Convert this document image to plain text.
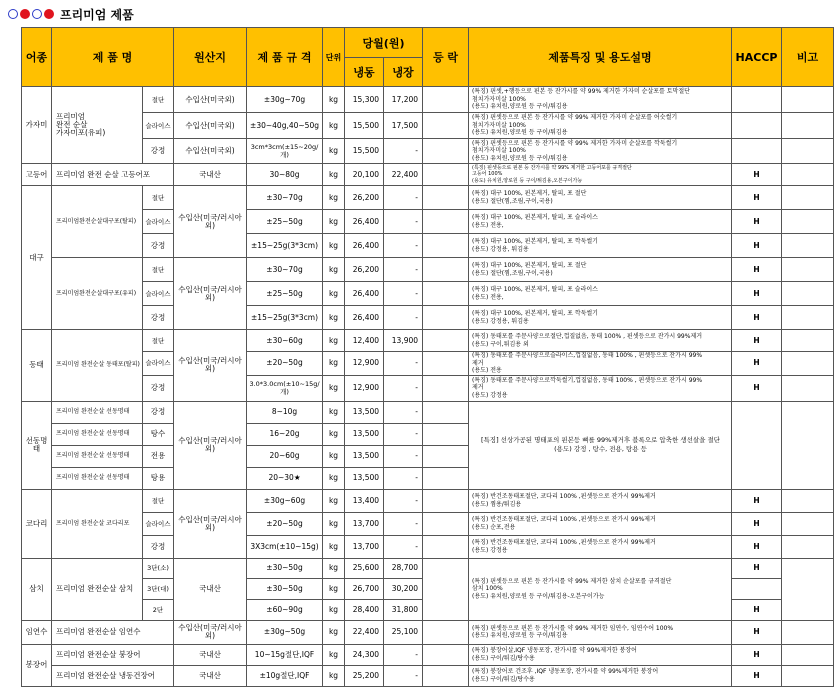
프리미엄 제품
어종	제 품 명		원산지	제 품 규 격	단위	당월(원)		등 락	제품특징 및 용도설명	HACCP	비고
						냉동	냉장				
가자미	프리미엄
완전 순살
가자미포(유피)	절단	수입산(미국외)	±30g~70g	kg	15,300	17,200		(특징) 핀셋,+행등으로 핀본 등 잔가시를 약 99% 제거한 가자미 순살포를 토막절단
첨치가자미살 100%
(용도) 유치원,양로원 등 구이/튀김용		
		슬라이스	수입산(미국외)	±30~40g,40~50g	kg	15,500	17,500		(특징) 핀셋등으로 핀본 등 잔가시를 약 99% 제거한 가자미 순살포를 어슷썰기
첨치가자미살 100%
(용도) 유치원,양로원 등 구이/튀김용		
		강정	수입산(미국외)	3cm*3cm(±15~20g/개)	kg	15,500	-		(특징) 핀셋등으로 핀본 등 잔가시를 약 99% 제거한 가자미 순살포를 깍둑썰기
첨치가자미살 100%
(용도) 유치원,양로원 등 구이/튀김용		
고등어	프리미엄 완전 순살 고등어포		국내산	30~80g	kg	20,100	22,400		(특징) 핀셋등으로 핀본 등 잔가시를 약 99% 제거한 고등어포를 규격절단
고등어 100%
(용도) 유치원,양로원 등 구이/튀김용,오븐구이가능	H	
대구	프리미엄완전순살대구포(탈피)	절단	수입산(미국/러시아외)	±30~70g	kg	26,200	-		(특징) 대구 100%, 핀본제거, 탈피, 포 절단
(용도) 절단(찜,조림,구이,국용)	H	
		슬라이스		±25~50g	kg	26,400	-		(특징) 대구 100%, 핀본제거, 탈피, 포 슬라이스
(용도) 전용,	H	
		강정		±15~25g(3*3cm)	kg	26,400	-		(특징) 대구 100%, 핀본제거, 탈피, 포 깍둑썰기
(용도) 강정용, 튀김용	H	
	프리미엄완전순살대구포(유피)	절단	수입산(미국/러시아외)	±30~70g	kg	26,200	-		(특징) 대구 100%, 핀본제거, 탈피, 포 절단
(용도) 절단(찜,조림,구이,국용)	H	
		슬라이스		±25~50g	kg	26,400	-		(특징) 대구 100%, 핀본제거, 탈피, 포 슬라이스
(용도) 전용,	H	
		강정		±15~25g(3*3cm)	kg	26,400	-		(특징) 대구 100%, 핀본제거, 탈피, 포 깍둑썰기
(용도) 강정용, 튀김용	H	
동태	프리미엄 완전순살 동태포(탈피)	절단	수입산(미국/러시아외)	±30~60g	kg	12,400	13,900		(특징) 동태포를 주문사양으로절단,껍질없음, 동태 100% , 핀셋등으로 잔가시 99%제거
(용도) 구이,튀김용 외	H	
		슬라이스		±20~50g	kg	12,900	-		(특징) 동태포를 주문사양으로슬라이스,껍질없음, 동태 100% , 핀셋등으로 잔가시 99%
제거
(용도) 전용	H	
		강정		3.0*3.0cm(±10~15g/개)	kg	12,900	-		(특징) 동태포를 주문사양으로깍둑썰기,껍질없음, 동태 100% , 핀셋등으로 잔가시 99%
제거
(용도) 강정용	H	
선동명태	프리미엄 완전순살 선동명태	강정	수입산(미국/러시아외)	8~10g	kg	13,500	-		[특징] 선상가공된 명태포의 핀본등 뼈를 99%제거후 블록으로 압축한 생선살을 절단
(용도) 강정 , 탕수, 전용, 탕용 등		
	프리미엄 완전순살 선동명태	탕수		16~20g	kg	13,500	-				
	프리미엄 완전순살 선동명태	전용		20~60g	kg	13,500	-				
	프리미엄 완전순살 선동명태	탕용		20~30★	kg	13,500	-				
코다리	프리미엄 완전순살 코다리포	절단	수입산(미국/러시아외)	±30g~60g	kg	13,400	-		(특징) 반건조동태포절단, 코다리 100% ,핀셋등으로 잔가시 99%제거
(용도) 찜용/튀김용	H	
		슬라이스		±20~50g	kg	13,700	-		(특징) 반건조동태포절단, 코다리 100% ,핀셋등으로 잔가시 99%제거
(용도) 순포,전용	H	
		강정		3X3cm(±10~15g)	kg	13,700	-		(특징) 반건조동태포절단, 코다리 100% ,핀셋등으로 잔가시 99%제거
(용도) 강정용	H	
삼치	프리미엄 완전순살 삼치	3단(소)	국내산	±30~50g	kg	25,600	28,700		(특징) 핀셋등으로 핀본 등 잔가시를 약 99% 제거한 삼치 순살포를 규격절단
삼치 100%
(용도) 유치원,양로원 등 구이/튀김용-오븐구이가능	H	
		3단(대)		±30~50g	kg	26,700	30,200				
		2단		±60~90g	kg	28,400	31,800			H	
임연수	프리미엄 완전순살 임연수		수입산(미국/러시아외)	±30g~50g	kg	22,400	25,100		(특징) 핀셋등으로 핀본 등 잔가시를 약 99% 제거한 임연수, 임연수어 100%
(용도) 유치원,양로원 등 구이/튀김용	H	
봉장어	프리미엄 완전순살 붕장어		국내산	10~15g절단,IQF	kg	24,300	-		(특징) 붕장어살,IQF 냉동포장, 잔가시를 약 99%제거한 붕장어
(용도) 구이/튀김/탕수용	H	
	프리미엄 완전순살 냉동건장어		국내산	±10g절단,IQF	kg	25,200	-		(특징) 붕장어로 건조후 ,IQF 냉동포장, 잔가시를 약 99%제거한 붕장어
(용도) 구이/튀김/탕수용	H	
